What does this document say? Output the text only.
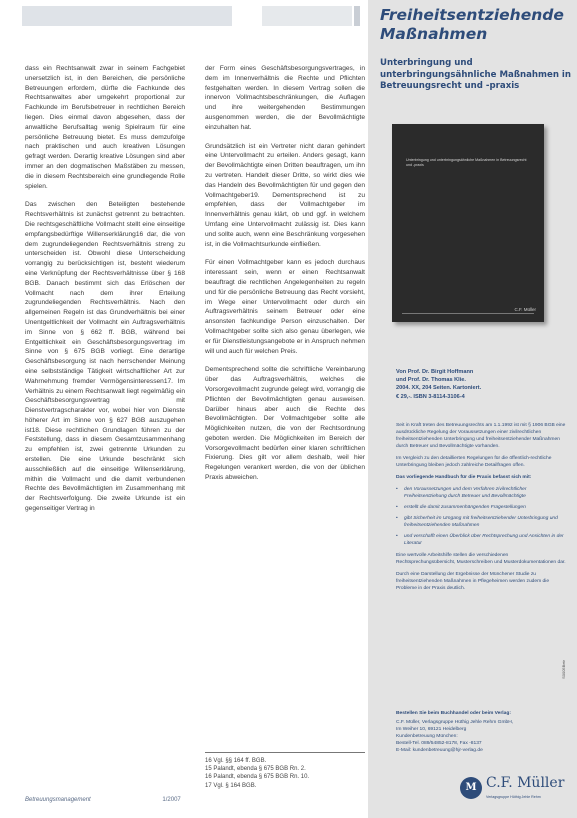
dass ein Rechtsanwalt zwar in seinem Fachgebiet unersetzlich ist, in den Bereichen, die persönliche Betreuungen erfordern, dürfte die Fachkunde des Rechtsanwaltes aber umgekehrt proportional zur Fachkunde im Berufsbetreuer in rechtlichen Bereich liegen. Dies einmal davon abgesehen, dass der anwaltliche Berufsalltag wenig Spielraum für eine persönliche Betreuung bietet. Es muss demzufolge nach praktischen und auch kreativen Lösungen gefragt werden. Derartig kreative Lösungen sind aber immer an den dogmatischen Maßstäben zu messen, die in diesem Rechtsbereich eine grundlegende Rolle spielen.

Das zwischen den Beteiligten bestehende Rechtsverhältnis ist zunächst getrennt zu betrachten. Die rechtsgeschäftliche Vollmacht stellt eine einseitige empfangsbedürftige Willenserklärung16 dar, die von dem zugrundeliegenden Rechtsverhältnis streng zu unterscheiden ist. Obwohl diese Unterscheidung vorrangig zu berücksichtigen ist, besteht wiederum eine Verknüpfung der Rechtsverhältnisse über § 168 BGB. Danach bestimmt sich das Erlöschen der Vollmacht nach dem ihrer Erteilung zugrundeliegenden Rechtsverhältnis. Nach den allgemeinen Regeln ist das Grundverhältnis bei einer Unentgeltlichkeit der Vollmacht ein Auftragsverhältnis im Sinne von § 662 ff. BGB, während bei Entgeltlichkeit ein Geschäftsbesorgungsvertrag im Sinne von § 675 BGB vorliegt. Eine derartige Geschäftsbesorgung ist nach herrschender Meinung eine selbstständige Tätigkeit wirtschaftlicher Art zur Wahrnehmung fremder Vermögensinteressen17. Im Verhältnis zu einem Rechtsanwalt liegt regelmäßig ein Geschäftsbesorgungsvertrag mit Dienstvertragscharakter vor, wobei hier von Dienste höherer Art im Sinne von § 627 BGB auszugehen ist18. Diese rechtlichen Grundlagen führen zu der Feststellung, dass in diesem Gesamtzusammenhang zu empfehlen ist, zwei getrennte Urkunden zu erstellen. Die eine Urkunde beschränkt sich ausschließlich auf die einseitige Willenserklärung, mithin die Vollmacht und die damit verbundenen Rechte des Bevollmächtigten im Zusammenhang mit der Rechtsverfolgung. Die zweite Urkunde ist ein gegenseitiger Vertrag in

der Form eines Geschäftsbesorgungsvertrages, in dem im Innenverhältnis die Rechte und Pflichten festgehalten werden. In diesem Vertrag sollen die innervon Vollmachtsbeschränkungen, die Auflagen und ihre weitergehenden Bestimmungen ausgenommen werden, die der Bevollmächtigte einzuhalten hat.

Grundsätzlich ist ein Vertreter nicht daran gehindert eine Untervollmacht zu erteilen. Anders gesagt, kann der Bevollmächtigte einen Dritten beauftragen, um ihn zu vertreten. Handelt dieser Dritte, so wirkt dies wie das Handeln des Bevollmächtigten für und gegen den Vollmachtgeber19. Dementsprechend ist zu empfehlen, dass der Vollmachtgeber im Innenverhältnis genau klärt, ob und ggf. in welchem Umfang eine Untervollmacht zulässig ist. Dies kann und sollte auch, wenn eine Beschränkung vorgesehen ist, in die Vollmachtsurkunde einfließen.

Für einen Vollmachtgeber kann es jedoch durchaus interessant sein, wenn er einen Rechtsanwalt beauftragt die rechtlichen Angelegenheiten zu regeln und für die persönliche Betreuung das Recht vorsieht, im Wege einer Untervollmacht oder durch ein Auftragsverhältnis seinem Betreuer oder eine ansonsten fachkundige Person einzuschalten. Der Vollmachtgeber sollte sich also genau überlegen, wie er für Dienstleistungsangebote er in Anspruch nehmen will und auch für welchen Preis.

Dementsprechend sollte die schriftliche Vereinbarung über das Auftragsverhältnis, welches die Vorsorgevollmacht zugrunde gelegt wird, vorrangig die Pflichten der Bevollmächtigten genau ausweisen. Darüber hinaus aber auch die Rechte des Bevollmächtigten. Der Vollmachtgeber sollte alle Möglichkeiten nutzen, die von der Rechtsordnung geboten werden. Die Möglichkeiten im Bereich der Vorsorgevollmacht bedürfen einer klaren schriftlichen Fixierung. Dies gilt vor allem deshalb, weil hier Regelungen verankert werden, die von der üblichen Praxis abweichen.

16 Vgl. §§ 164 ff. BGB.
15 Palandt, ebenda § 675 BGB Rn. 2.
16 Palandt, ebenda § 675 BGB Rn. 10.
17 Vgl. § 164 BGB.
Betreuungsmanagement	1/2007
Freiheitsentziehende Maßnahmen
Unterbringung und unterbringungsähnliche Maßnahmen in Betreuungsrecht und -praxis
Von Prof. Dr. Birgit Hoffmann
und Prof. Dr. Thomas Klie.
2004. XX, 204 Seiten. Kartoniert.
€ 29,-. ISBN 3-8114-3106-4

Seit in Kraft treten des Betreuungsrechts am 1.1.1992 ist mit § 1906 BGB eine ausdrückliche Regelung der Voraussetzungen einer zivilrechtlichen freiheitsentziehenden Unterbringung und freiheitsentziehender Maßnahmen durch Betreuer und Bevollmächtigte vorhanden.

Im Vergleich zu den detaillierten Regelungen für die öffentlich-rechtliche Unterbringung bleiben jedoch zahlreiche Detailfragen offen.

Das vorliegende Handbuch für die Praxis befasst sich mit:

• den Voraussetzungen und dem Verfahren zivilrechtlicher Freiheitsentziehung durch Betreuer und Bevollmächtigte
• erstellt die damit zusammenhängenden Fragestellungen
• gibt Sicherheit im Umgang mit freiheitsentziehender Unterbringung und freiheitsentziehenden Maßnahmen
• und verschafft einen Überblick über Rechtsprechung und Ansichten in der Literatur

Eine wertvolle Arbeitshilfe stellen die verschiedenen Rechtsprechungsübersicht, Musterschreiben und Musterdokumentationen dar.

Durch eine Darstellung der Ergebnisse der Münchener Studie zu freiheitsentziehenden Maßnahmen in Pflegeheimen werden zudem die Probleme in der Praxis deutlich.

Bestellen Sie beim Buchhandel oder beim Verlag:
C.F. Müller, Verlagsgruppe Hüthig Jehle Rehm GmbH,
Im Weiher 10, 69121 Heidelberg
Kundenbetreuung München:
Bestell-Tel. 089/54852-8178, Fax -8137
E-Mail: kundenbetreuung@hjr-verlag.de
S0005Betr
M C.F. Müller
Verlagsgruppe Hüthig Jehle Rehm
Unterbringung und unterbringungsähnliche Maßnahmen in Betreuungsrecht und -praxis
C.F. Müller
